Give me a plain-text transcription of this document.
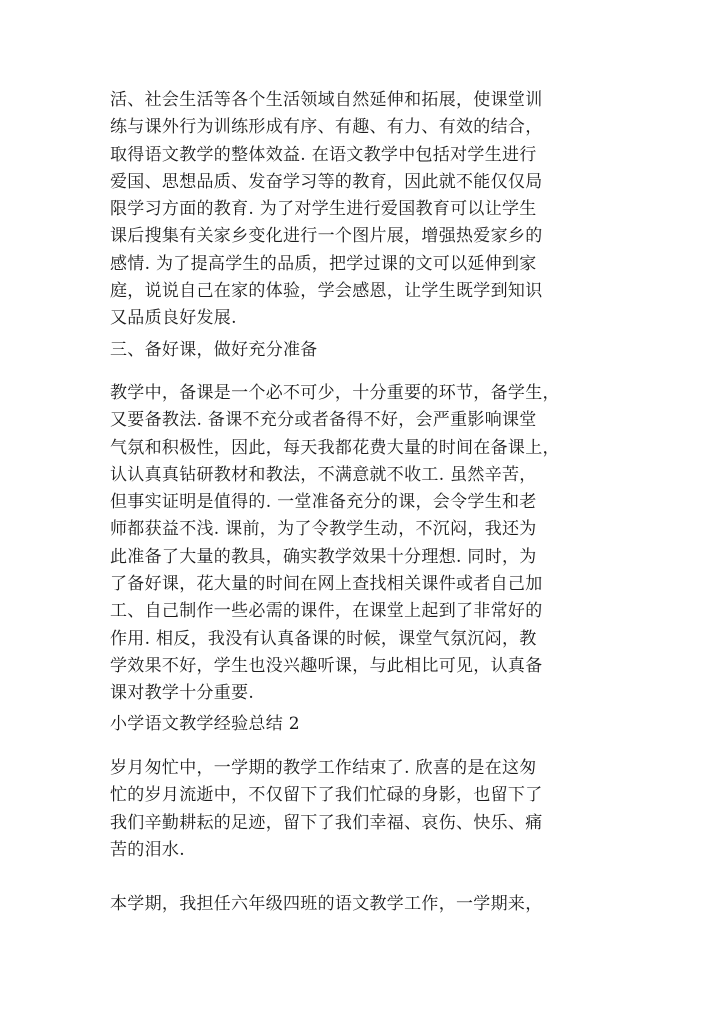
活、社会生活等各个生活领域自然延伸和拓展，使课堂训
练与课外行为训练形成有序、有趣、有力、有效的结合，
取得语文教学的整体效益. 在语文教学中包括对学生进行
爱国、思想品质、发奋学习等的教育，因此就不能仅仅局
限学习方面的教育. 为了对学生进行爱国教育可以让学生
课后搜集有关家乡变化进行一个图片展，增强热爱家乡的
感情. 为了提高学生的品质，把学过课的文可以延伸到家
庭，说说自己在家的体验，学会感恩，让学生既学到知识
又品质良好发展.
三、备好课，做好充分准备
教学中，备课是一个必不可少，十分重要的环节，备学生，
又要备教法. 备课不充分或者备得不好，会严重影响课堂
气氛和积极性，因此，每天我都花费大量的时间在备课上，
认认真真钻研教材和教法，不满意就不收工. 虽然辛苦，
但事实证明是值得的. 一堂准备充分的课，会令学生和老
师都获益不浅. 课前，为了令教学生动，不沉闷，我还为
此准备了大量的教具，确实教学效果十分理想. 同时，为
了备好课，花大量的时间在网上查找相关课件或者自己加
工、自己制作一些必需的课件，在课堂上起到了非常好的
作用. 相反，我没有认真备课的时候，课堂气氛沉闷，教
学效果不好，学生也没兴趣听课，与此相比可见，认真备
课对教学十分重要.
小学语文教学经验总结 2
岁月匆忙中，一学期的教学工作结束了. 欣喜的是在这匆
忙的岁月流逝中，不仅留下了我们忙碌的身影，也留下了
我们辛勤耕耘的足迹，留下了我们幸福、哀伤、快乐、痛
苦的泪水.
本学期，我担任六年级四班的语文教学工作，一学期来，
